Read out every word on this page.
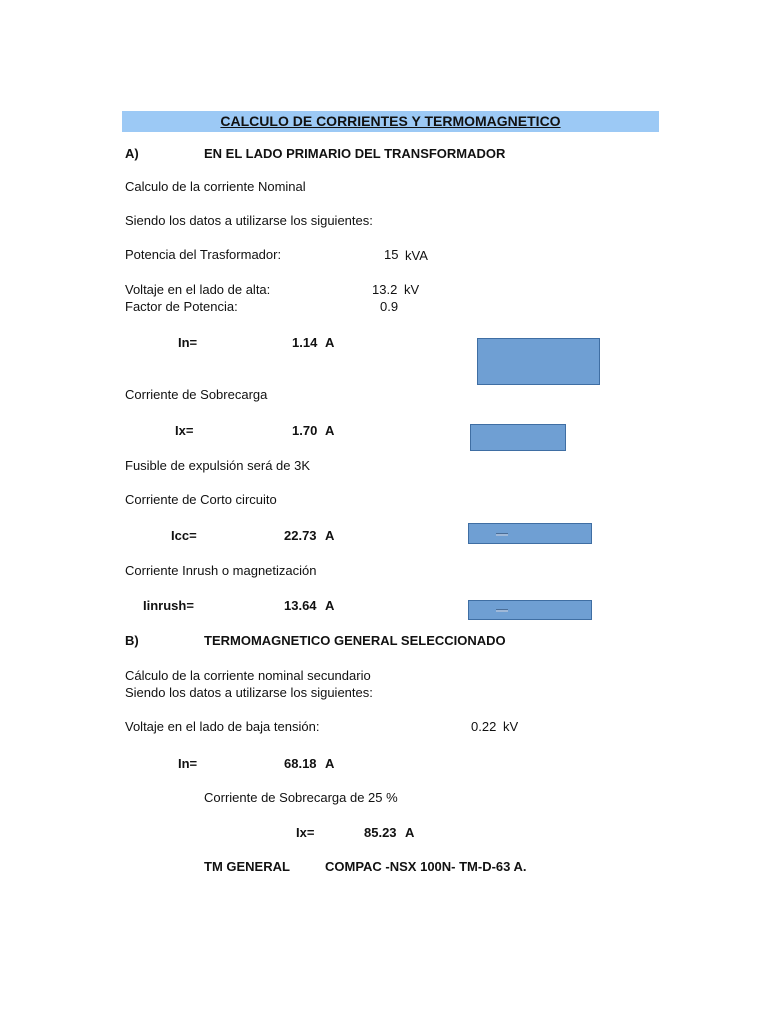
CALCULO DE CORRIENTES Y TERMOMAGNETICO
A)	EN EL LADO PRIMARIO DEL TRANSFORMADOR
Calculo de la corriente Nominal
Siendo los datos a utilizarse los siguientes:
Potencia del Trasformador:	15 kVA
Voltaje en el lado de alta:	13.2 kV
Factor de Potencia:	0.9
In=	1.14 A
Corriente de Sobrecarga
Ix=	1.70 A
Fusible de expulsión será de 3K
Corriente de Corto circuito
Icc=	22.73 A
Corriente Inrush o magnetización
Iinrush=	13.64 A
B)	TERMOMAGNETICO GENERAL SELECCIONADO
Cálculo de la corriente nominal secundario
Siendo los datos a utilizarse los siguientes:
Voltaje en el lado de baja tensión:	0.22 kV
In=	68.18 A
Corriente de Sobrecarga de 25 %
Ix=	85.23 A
TM GENERAL	COMPAC -NSX 100N- TM-D-63 A.
